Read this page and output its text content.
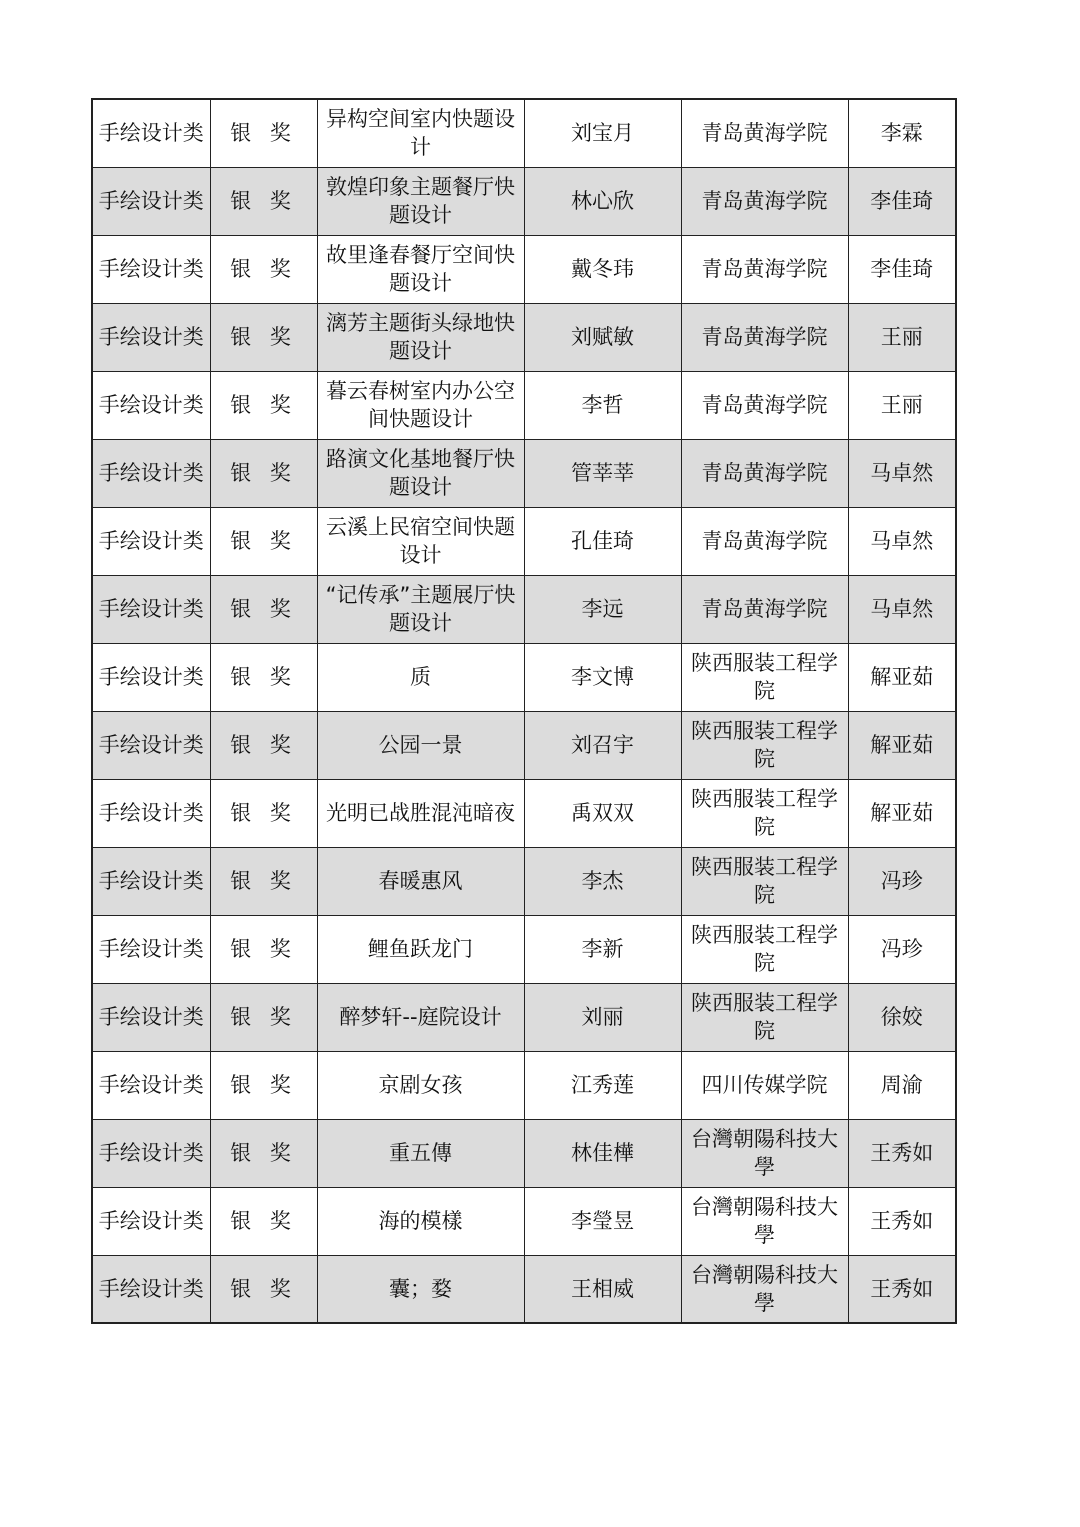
手绘设计类	银 奖	异构空间室内快题设计	刘宝月	青岛黄海学院	李霖
手绘设计类	银 奖	敦煌印象主题餐厅快题设计	林心欣	青岛黄海学院	李佳琦
手绘设计类	银 奖	故里逢春餐厅空间快题设计	戴冬玮	青岛黄海学院	李佳琦
手绘设计类	银 奖	漓芳主题街头绿地快题设计	刘赋敏	青岛黄海学院	王丽
手绘设计类	银 奖	暮云春树室内办公空间快题设计	李哲	青岛黄海学院	王丽
手绘设计类	银 奖	路演文化基地餐厅快题设计	管莘莘	青岛黄海学院	马卓然
手绘设计类	银 奖	云溪上民宿空间快题设计	孔佳琦	青岛黄海学院	马卓然
手绘设计类	银 奖	“记传承”主题展厅快题设计	李远	青岛黄海学院	马卓然
手绘设计类	银 奖	质	李文博	陕西服装工程学院	解亚茹
手绘设计类	银 奖	公园一景	刘召宇	陕西服装工程学院	解亚茹
手绘设计类	银 奖	光明已战胜混沌暗夜	禹双双	陕西服装工程学院	解亚茹
手绘设计类	银 奖	春暖惠风	李杰	陕西服装工程学院	冯珍
手绘设计类	银 奖	鲤鱼跃龙门	李新	陕西服装工程学院	冯珍
手绘设计类	银 奖	醉梦轩--庭院设计	刘丽	陕西服装工程学院	徐姣
手绘设计类	银 奖	京剧女孩	江秀莲	四川传媒学院	周渝
手绘设计类	银 奖	重五傳	林佳樺	台灣朝陽科技大學	王秀如
手绘设计类	银 奖	海的模樣	李瑩昱	台灣朝陽科技大學	王秀如
手绘设计类	银 奖	囊；婺	王相威	台灣朝陽科技大學	王秀如
